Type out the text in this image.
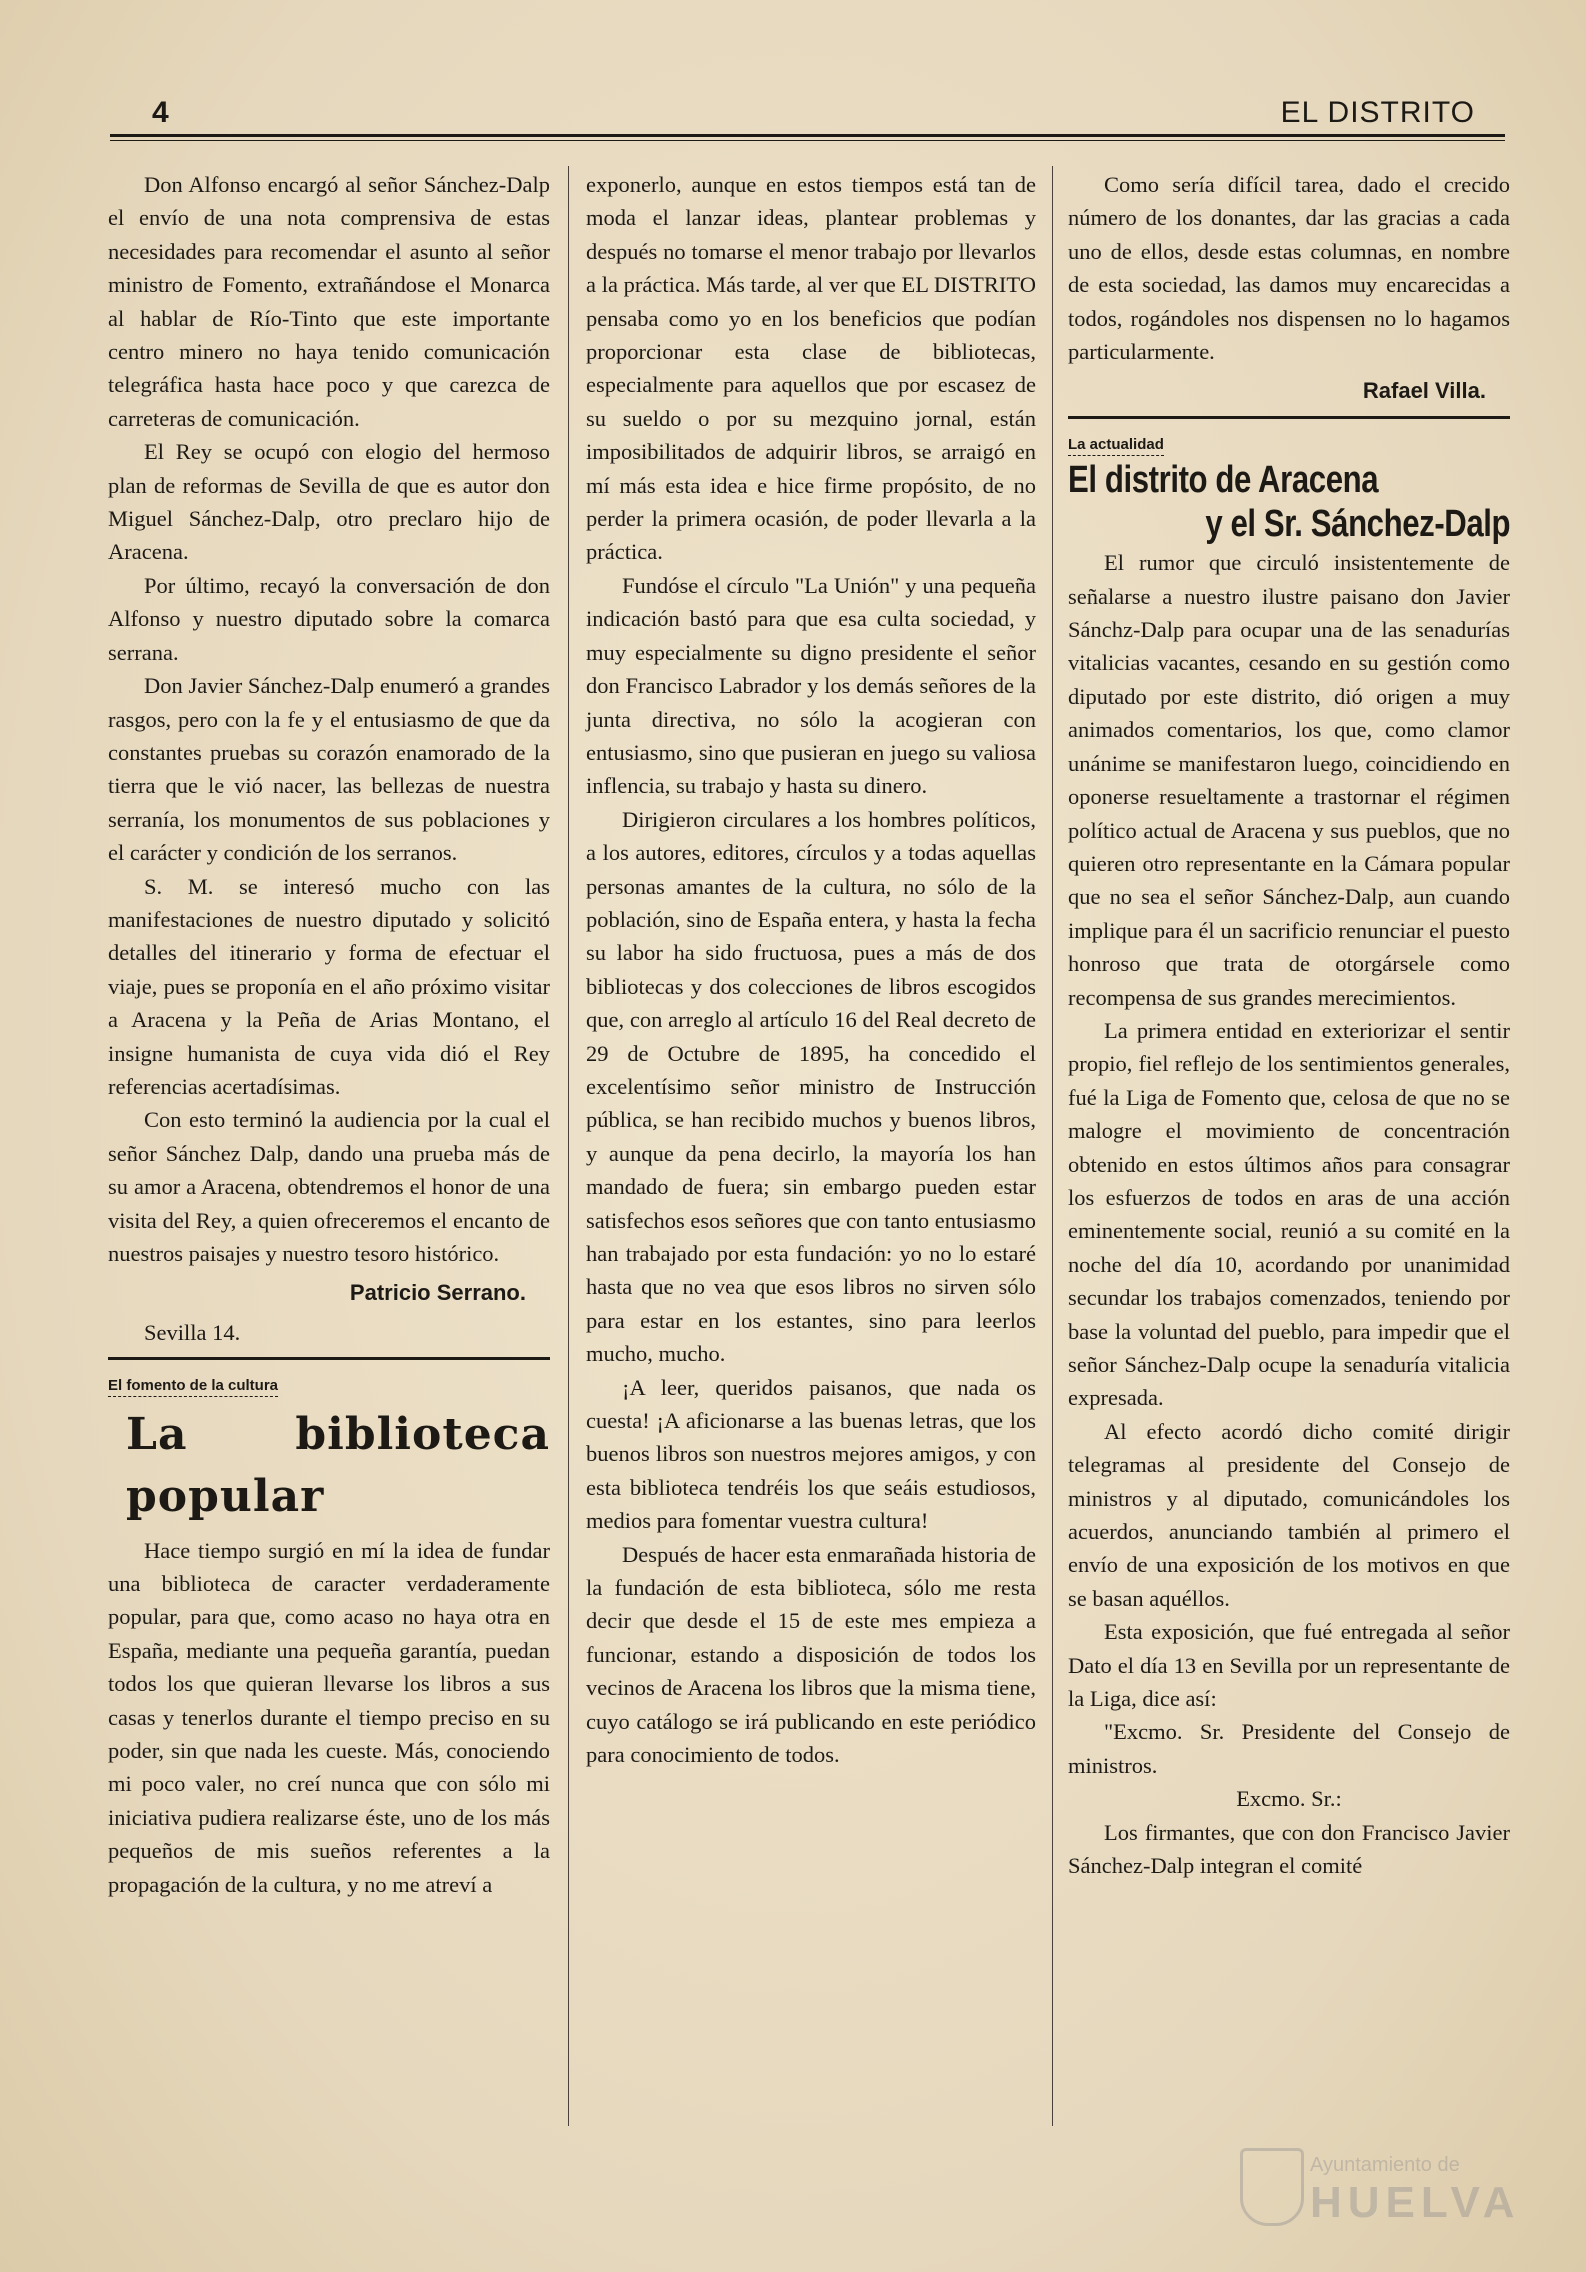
4	EL DISTRITO

Don Alfonso encargó al señor Sánchez-Dalp el envío de una nota comprensiva de estas necesidades para recomendar el asunto al señor ministro de Fomento, extrañándose el Monarca al hablar de Río-Tinto que este importante centro minero no haya tenido comunicación telegráfica hasta hace poco y que carezca de carreteras de comunicación.

El Rey se ocupó con elogio del hermoso plan de reformas de Sevilla de que es autor don Miguel Sánchez-Dalp, otro preclaro hijo de Aracena.

Por último, recayó la conversación de don Alfonso y nuestro diputado sobre la comarca serrana.

Don Javier Sánchez-Dalp enumeró a grandes rasgos, pero con la fe y el entusiasmo de que da constantes pruebas su corazón enamorado de la tierra que le vió nacer, las bellezas de nuestra serranía, los monumentos de sus poblaciones y el carácter y condición de los serranos.

S. M. se interesó mucho con las manifestaciones de nuestro diputado y solicitó detalles del itinerario y forma de efectuar el viaje, pues se proponía en el año próximo visitar a Aracena y la Peña de Arias Montano, el insigne humanista de cuya vida dió el Rey referencias acertadísimas.

Con esto terminó la audiencia por la cual el señor Sánchez Dalp, dando una prueba más de su amor a Aracena, obtendremos el honor de una visita del Rey, a quien ofreceremos el encanto de nuestros paisajes y nuestro tesoro histórico.

Patricio Serrano.

Sevilla 14.

El fomento de la cultura
La biblioteca popular

Hace tiempo surgió en mí la idea de fundar una biblioteca de caracter verdaderamente popular, para que, como acaso no haya otra en España, mediante una pequeña garantía, puedan todos los que quieran llevarse los libros a sus casas y tenerlos durante el tiempo preciso en su poder, sin que nada les cueste. Más, conociendo mi poco valer, no creí nunca que con sólo mi iniciativa pudiera realizarse éste, uno de los más pequeños de mis sueños referentes a la propagación de la cultura, y no me atreví a

exponerlo, aunque en estos tiempos está tan de moda el lanzar ideas, plantear problemas y después no tomarse el menor trabajo por llevarlos a la práctica. Más tarde, al ver que EL DISTRITO pensaba como yo en los beneficios que podían proporcionar esta clase de bibliotecas, especialmente para aquellos que por escasez de su sueldo o por su mezquino jornal, están imposibilitados de adquirir libros, se arraigó en mí más esta idea e hice firme propósito, de no perder la primera ocasión, de poder llevarla a la práctica.

Fundóse el círculo "La Unión" y una pequeña indicación bastó para que esa culta sociedad, y muy especialmente su digno presidente el señor don Francisco Labrador y los demás señores de la junta directiva, no sólo la acogieran con entusiasmo, sino que pusieran en juego su valiosa inflencia, su trabajo y hasta su dinero.

Dirigieron circulares a los hombres políticos, a los autores, editores, círculos y a todas aquellas personas amantes de la cultura, no sólo de la población, sino de España entera, y hasta la fecha su labor ha sido fructuosa, pues a más de dos bibliotecas y dos colecciones de libros escogidos que, con arreglo al artículo 16 del Real decreto de 29 de Octubre de 1895, ha concedido el excelentísimo señor ministro de Instrucción pública, se han recibido muchos y buenos libros, y aunque da pena decirlo, la mayoría los han mandado de fuera; sin embargo pueden estar satisfechos esos señores que con tanto entusiasmo han trabajado por esta fundación: yo no lo estaré hasta que no vea que esos libros no sirven sólo para estar en los estantes, sino para leerlos mucho, mucho.

¡A leer, queridos paisanos, que nada os cuesta! ¡A aficionarse a las buenas letras, que los buenos libros son nuestros mejores amigos, y con esta biblioteca tendréis los que seáis estudiosos, medios para fomentar vuestra cultura!

Después de hacer esta enmarañada historia de la fundación de esta biblioteca, sólo me resta decir que desde el 15 de este mes empieza a funcionar, estando a disposición de todos los vecinos de Aracena los libros que la misma tiene, cuyo catálogo se irá publicando en este periódico para conocimiento de todos.

Como sería difícil tarea, dado el crecido número de los donantes, dar las gracias a cada uno de ellos, desde estas columnas, en nombre de esta sociedad, las damos muy encarecidas a todos, rogándoles nos dispensen no lo hagamos particularmente.

Rafael Villa.
La actualidad
El distrito de Aracena
y el Sr. Sánchez-Dalp

El rumor que circuló insistentemente de señalarse a nuestro ilustre paisano don Javier Sánchz-Dalp para ocupar una de las senadurías vitalicias vacantes, cesando en su gestión como diputado por este distrito, dió origen a muy animados comentarios, los que, como clamor unánime se manifestaron luego, coincidiendo en oponerse resueltamente a trastornar el régimen político actual de Aracena y sus pueblos, que no quieren otro representante en la Cámara popular que no sea el señor Sánchez-Dalp, aun cuando implique para él un sacrificio renunciar el puesto honroso que trata de otorgársele como recompensa de sus grandes merecimientos.

La primera entidad en exteriorizar el sentir propio, fiel reflejo de los sentimientos generales, fué la Liga de Fomento que, celosa de que no se malogre el movimiento de concentración obtenido en estos últimos años para consagrar los esfuerzos de todos en aras de una acción eminentemente social, reunió a su comité en la noche del día 10, acordando por unanimidad secundar los trabajos comenzados, teniendo por base la voluntad del pueblo, para impedir que el señor Sánchez-Dalp ocupe la senaduría vitalicia expresada.

Al efecto acordó dicho comité dirigir telegramas al presidente del Consejo de ministros y al diputado, comunicándoles los acuerdos, anunciando también al primero el envío de una exposición de los motivos en que se basan aquéllos.

Esta exposición, que fué entregada al señor Dato el día 13 en Sevilla por un representante de la Liga, dice así:

"Excmo. Sr. Presidente del Consejo de ministros.

Excmo. Sr.:

Los firmantes, que con don Francisco Javier Sánchez-Dalp integran el comité

Ayuntamiento de
HUELVA
